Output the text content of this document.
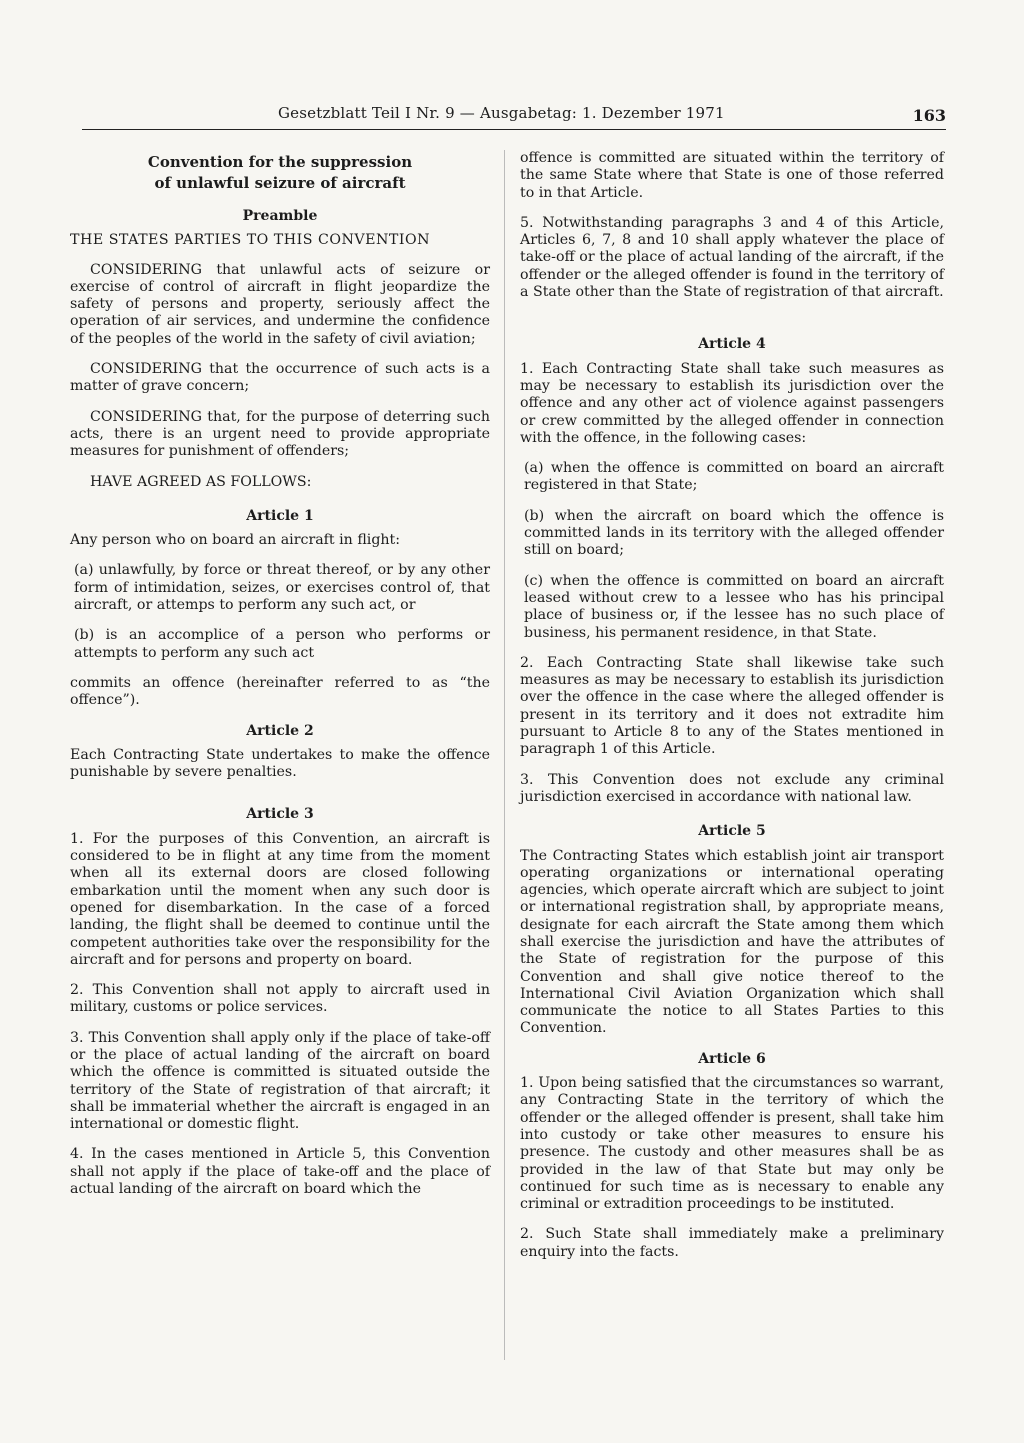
Gesetzblatt Teil I Nr. 9 — Ausgabetag: 1. Dezember 1971	163
Convention for the suppression
of unlawful seizure of aircraft
Preamble

THE STATES PARTIES TO THIS CONVENTION

CONSIDERING that unlawful acts of seizure or exercise of control of aircraft in flight jeopardize the safety of persons and property, seriously affect the operation of air services, and undermine the confidence of the peoples of the world in the safety of civil aviation;

CONSIDERING that the occurrence of such acts is a matter of grave concern;

CONSIDERING that, for the purpose of deterring such acts, there is an urgent need to provide appropriate measures for punishment of offenders;

HAVE AGREED AS FOLLOWS:

Article 1

Any person who on board an aircraft in flight:

(a) unlawfully, by force or threat thereof, or by any other form of intimidation, seizes, or exercises control of, that aircraft, or attemps to perform any such act, or

(b) is an accomplice of a person who performs or attempts to perform any such act

commits an offence (hereinafter referred to as “the offence”).

Article 2

Each Contracting State undertakes to make the offence punishable by severe penalties.

Article 3

1. For the purposes of this Convention, an aircraft is considered to be in flight at any time from the moment when all its external doors are closed following embarkation until the moment when any such door is opened for disembarkation. In the case of a forced landing, the flight shall be deemed to continue until the competent authorities take over the responsibility for the aircraft and for persons and property on board.

2. This Convention shall not apply to aircraft used in military, customs or police services.

3. This Convention shall apply only if the place of take-off or the place of actual landing of the aircraft on board which the offence is committed is situated outside the territory of the State of registration of that aircraft; it shall be immaterial whether the aircraft is engaged in an international or domestic flight.

4. In the cases mentioned in Article 5, this Convention shall not apply if the place of take-off and the place of actual landing of the aircraft on board which the

offence is committed are situated within the territory of the same State where that State is one of those referred to in that Article.

5. Notwithstanding paragraphs 3 and 4 of this Article, Articles 6, 7, 8 and 10 shall apply whatever the place of take-off or the place of actual landing of the aircraft, if the offender or the alleged offender is found in the territory of a State other than the State of registration of that aircraft.

Article 4

1. Each Contracting State shall take such measures as may be necessary to establish its jurisdiction over the offence and any other act of violence against passengers or crew committed by the alleged offender in connection with the offence, in the following cases:

(a) when the offence is committed on board an aircraft registered in that State;

(b) when the aircraft on board which the offence is committed lands in its territory with the alleged offender still on board;

(c) when the offence is committed on board an aircraft leased without crew to a lessee who has his principal place of business or, if the lessee has no such place of business, his permanent residence, in that State.

2. Each Contracting State shall likewise take such measures as may be necessary to establish its jurisdiction over the offence in the case where the alleged offender is present in its territory and it does not extradite him pursuant to Article 8 to any of the States mentioned in paragraph 1 of this Article.

3. This Convention does not exclude any criminal jurisdiction exercised in accordance with national law.

Article 5

The Contracting States which establish joint air transport operating organizations or international operating agencies, which operate aircraft which are subject to joint or international registration shall, by appropriate means, designate for each aircraft the State among them which shall exercise the jurisdiction and have the attributes of the State of registration for the purpose of this Convention and shall give notice thereof to the International Civil Aviation Organization which shall communicate the notice to all States Parties to this Convention.

Article 6

1. Upon being satisfied that the circumstances so warrant, any Contracting State in the territory of which the offender or the alleged offender is present, shall take him into custody or take other measures to ensure his presence. The custody and other measures shall be as provided in the law of that State but may only be continued for such time as is necessary to enable any criminal or extradition proceedings to be instituted.

2. Such State shall immediately make a preliminary enquiry into the facts.
